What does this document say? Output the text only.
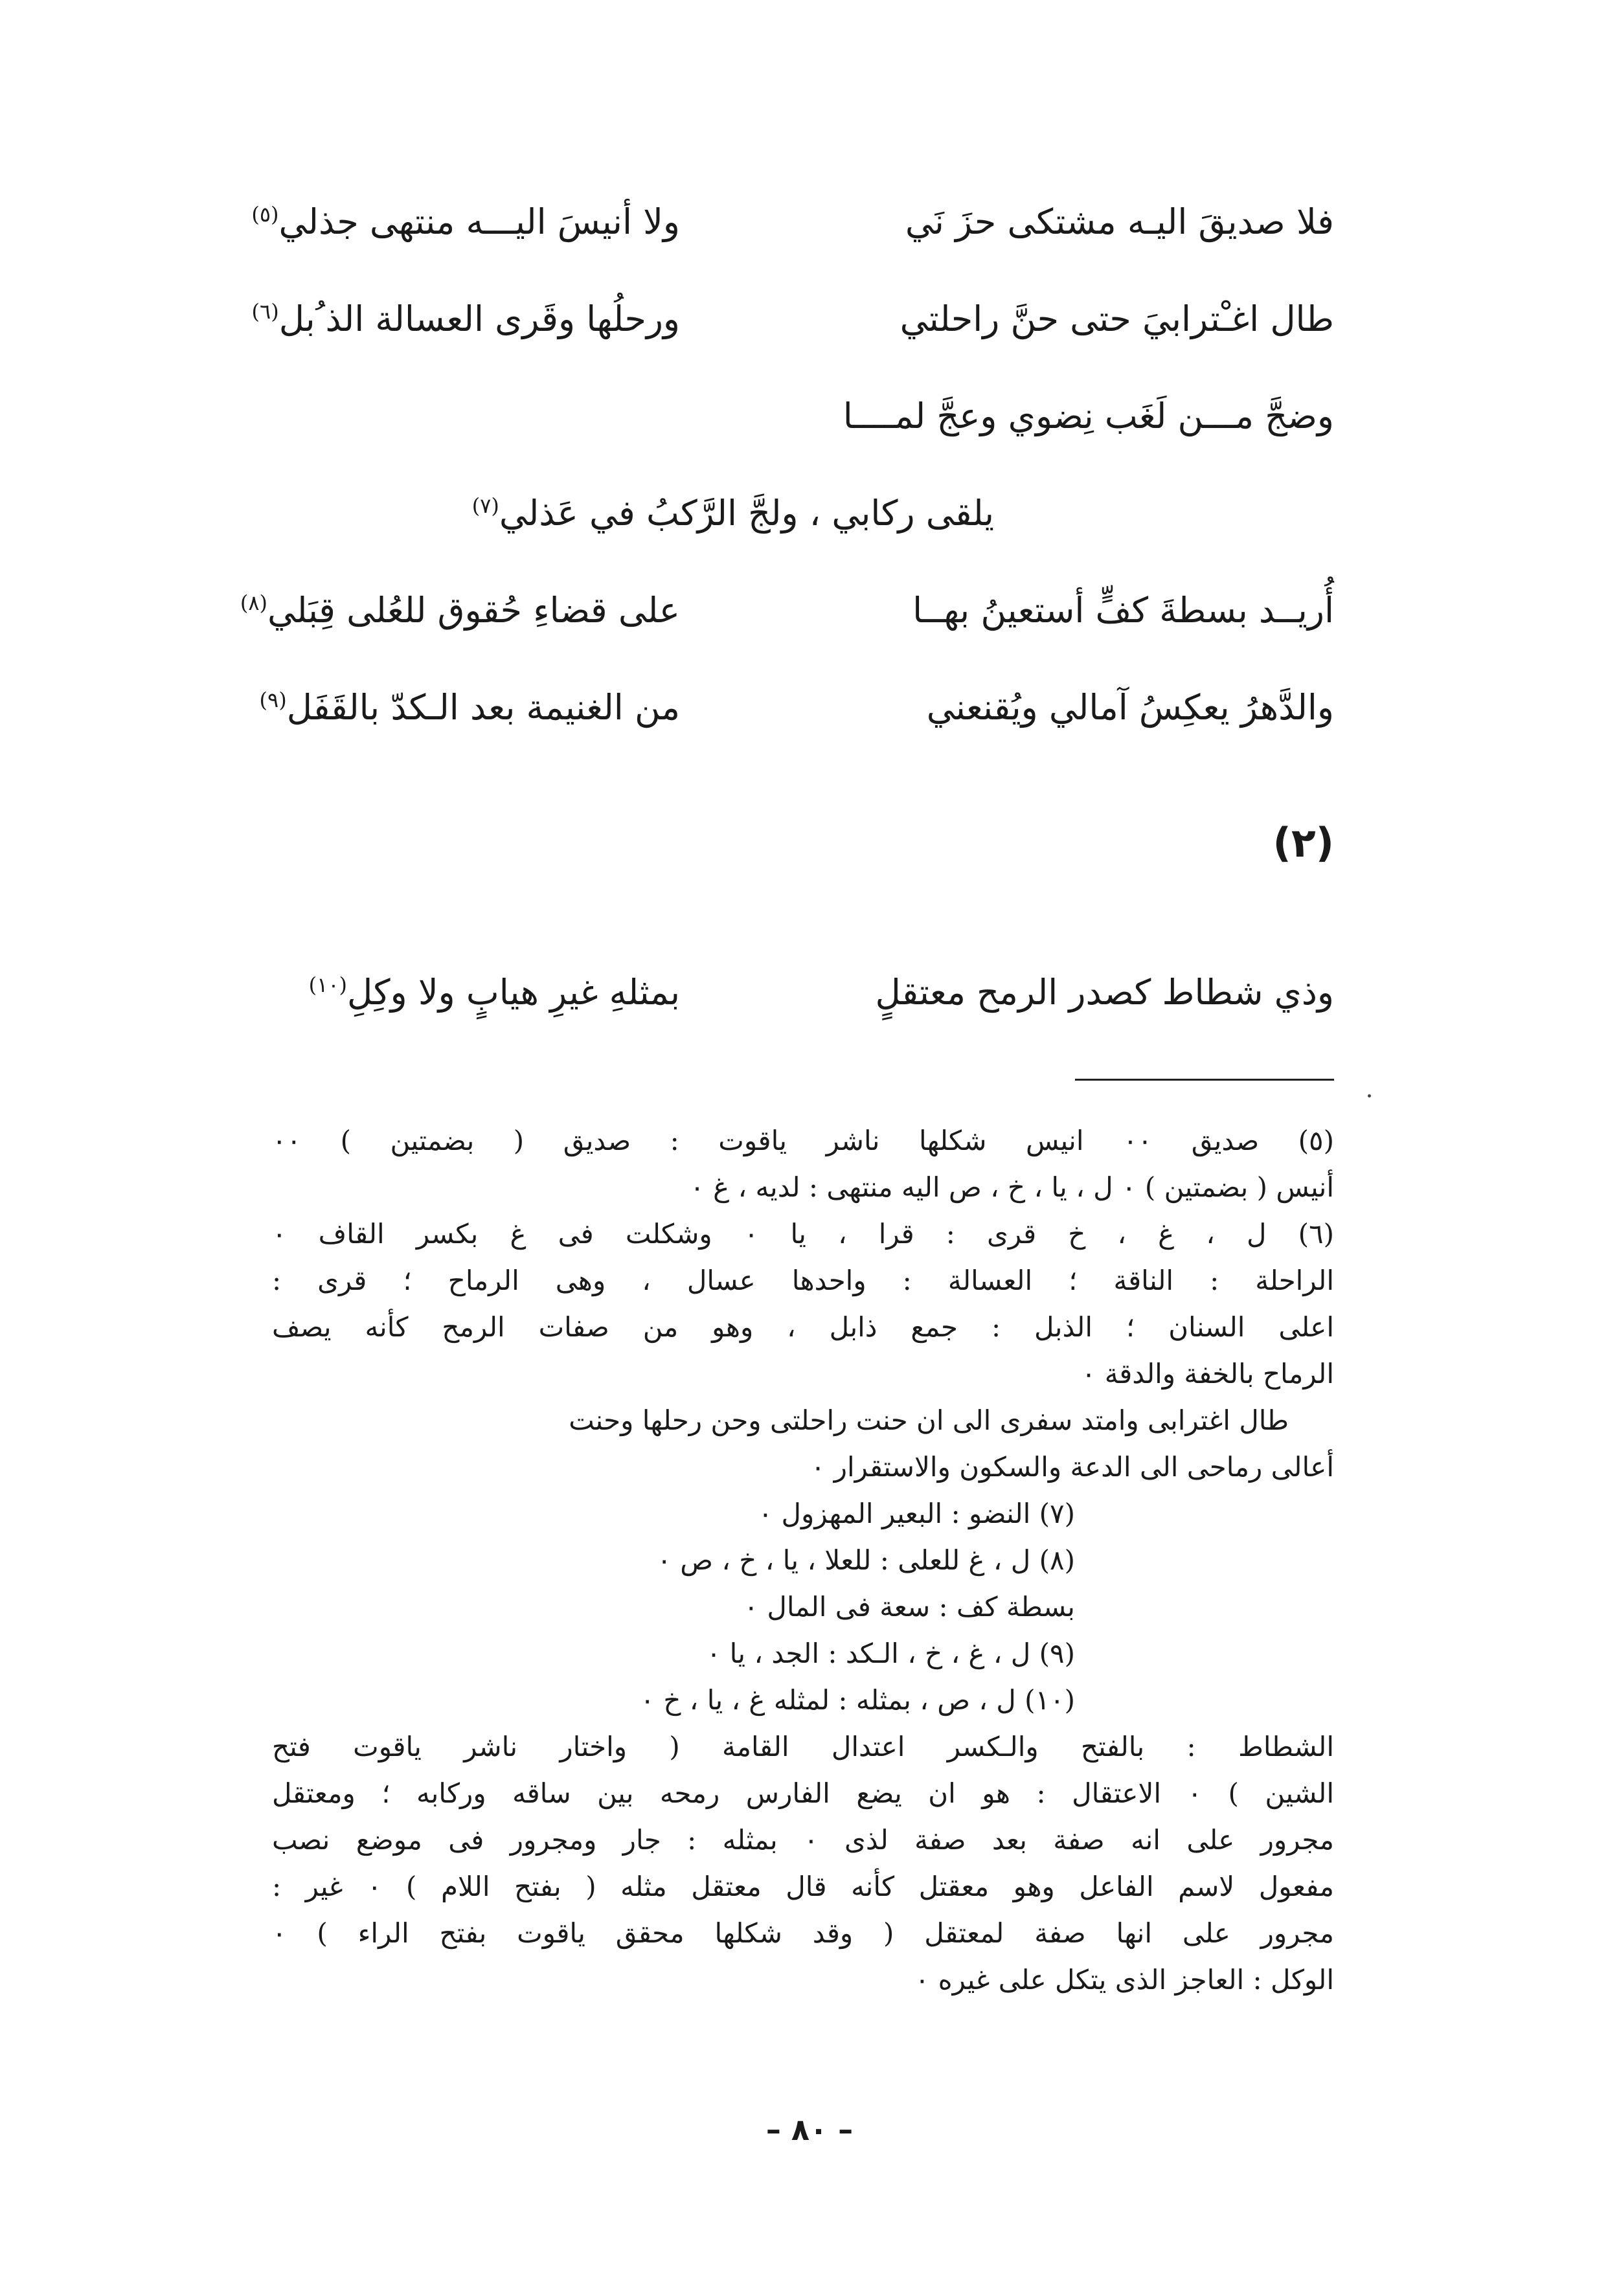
فلا صديقَ اليـه مشتكى حزَ نَي
ولا أنيسَ اليـــه منتهى جذلي$^{(٥)}$
طال اغـْترابيَ حتى حنَّ راحلتي
ورحلُها وقَرى العسالة الذ ُبل$^{(٦)}$
وضجَّ مـــن لَغَب نِضوي وعجَّ لمــــا
يلقى ركابي ، ولجَّ الرَّكبُ في عَذلي$^{(٧)}$
أُريــد بسطةَ كفٍّ أستعينُ بهــا
على قضاءِ حُقوق للعُلى قِبَلي$^{(٨)}$
والدَّهرُ يعكِسُ آمالي ويُقنعني
من الغنيمة بعد الـكدّ بالقَفَل$^{(٩)}$
(٢)
وذي شطاط كصدر الرمح معتقلٍ
بمثلهِ غيرِ هيابٍ ولا وكِلِ$^{(١٠)}$
(٥) صديق ٠٠ انيس شكلها ناشر ياقوت : صديق ( بضمتين ) ٠٠
أنيس ( بضمتين ) ٠ ل ، يا ، خ ، ص اليه منتهى : لديه ، غ ٠
(٦) ل ، غ ، خ قرى : قرا ، يا ٠ وشكلت فى غ بكسر القاف ٠
الراحلة : الناقة ؛ العسالة : واحدها عسال ، وهى الرماح ؛ قرى :
اعلى السنان ؛ الذبل : جمع ذابل ، وهو من صفات الرمح كأنه يصف
الرماح بالخفة والدقة ٠
طال اغترابى وامتد سفرى الى ان حنت راحلتى وحن رحلها وحنت
أعالى رماحى الى الدعة والسكون والاستقرار ٠
(٧) النضو : البعير المهزول ٠
(٨) ل ، غ للعلى : للعلا ، يا ، خ ، ص ٠
بسطة كف : سعة فى المال ٠
(٩) ل ، غ ، خ ، الـكد : الجد ، يا ٠
(١٠) ل ، ص ، بمثله : لمثله غ ، يا ، خ ٠
الشطاط : بالفتح والـكسر اعتدال القامة ( واختار ناشر ياقوت فتح
الشين ) ٠ الاعتقال : هو ان يضع الفارس رمحه بين ساقه وركابه ؛ ومعتقل
مجرور على انه صفة بعد صفة لذى ٠ بمثله : جار ومجرور فى موضع نصب
مفعول لاسم الفاعل وهو معقتل كأنه قال معتقل مثله ( بفتح اللام ) ٠ غير :
مجرور على انها صفة لمعتقل ( وقد شكلها محقق ياقوت بفتح الراء ) ٠
الوكل : العاجز الذى يتكل على غيره ٠
– ٨٠ –
